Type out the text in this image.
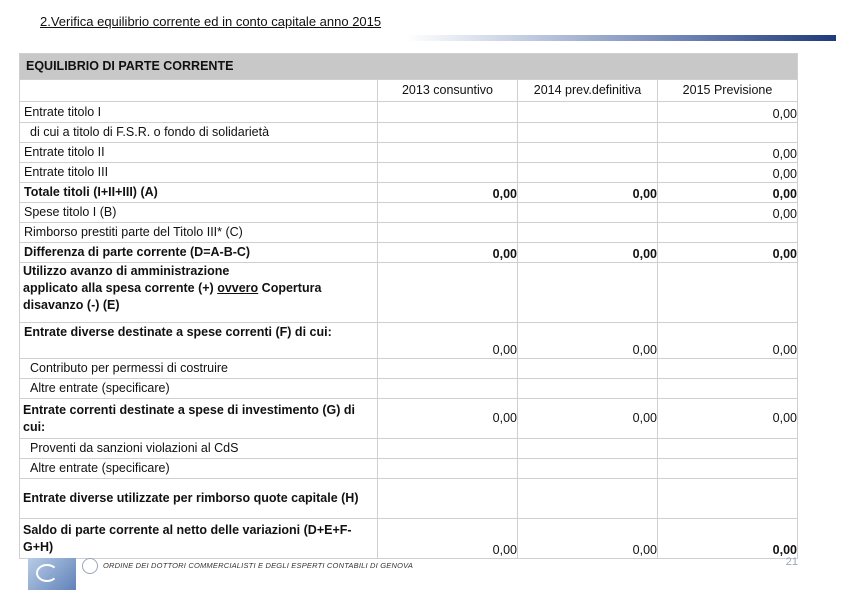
2.Verifica equilibrio corrente ed in conto capitale anno 2015
EQUILIBRIO DI PARTE CORRENTE			
	2013 consuntivo	2014 prev.definitiva	2015 Previsione
Entrate titolo I			0,00
di cui a titolo di F.S.R. o fondo di solidarietà			
Entrate titolo II			0,00
Entrate titolo III			0,00
Totale titoli (I+II+III) (A)	0,00	0,00	0,00
Spese titolo I (B)			0,00
Rimborso prestiti parte del Titolo III* (C)			
Differenza di parte corrente (D=A-B-C)	0,00	0,00	0,00
Utilizzo avanzo di amministrazione
applicato alla spesa corrente (+) ovvero Copertura
disavanzo (-) (E)			
Entrate diverse destinate a spese correnti (F) di cui:	0,00	0,00	0,00
Contributo per permessi di costruire			
Altre entrate (specificare)			
Entrate correnti destinate a spese di investimento (G) di cui:	0,00	0,00	0,00
Proventi da sanzioni violazioni al CdS			
Altre entrate (specificare)			
Entrate diverse utilizzate per rimborso quote capitale (H)			
Saldo di parte corrente al netto delle variazioni (D+E+F-G+H)	0,00	0,00	0,00
ORDINE DEI DOTTORI COMMERCIALISTI E DEGLI ESPERTI CONTABILI DI GENOVA	21
